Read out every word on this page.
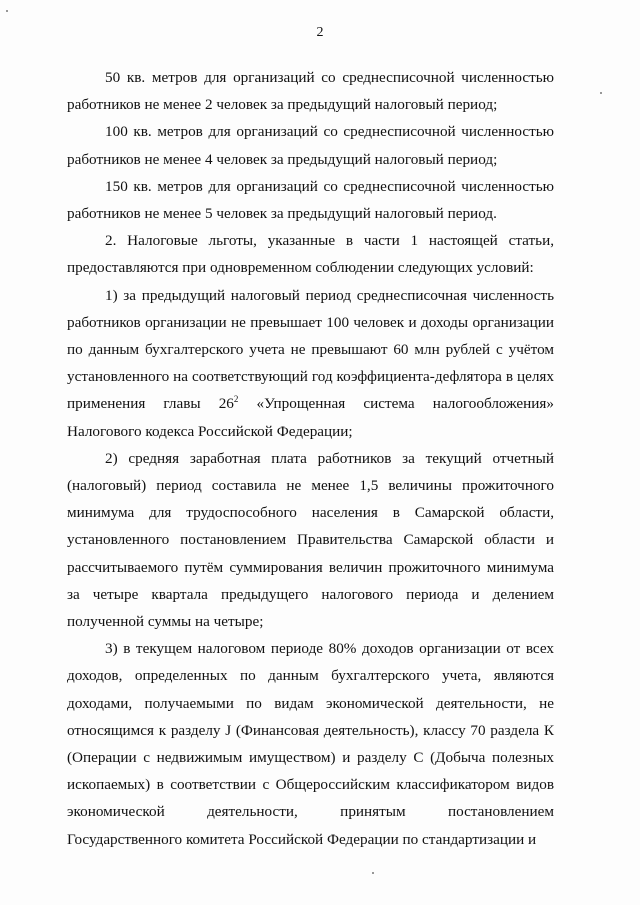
2

50 кв. метров для организаций со среднесписочной численностью работников не менее 2 человек за предыдущий налоговый период;

100 кв. метров для организаций со среднесписочной численностью работников не менее 4 человек за предыдущий налоговый период;

150 кв. метров для организаций со среднесписочной численностью работников не менее 5 человек за предыдущий налоговый период.

2. Налоговые льготы, указанные в части 1 настоящей статьи, предоставляются при одновременном соблюдении следующих условий:

1) за предыдущий налоговый период среднесписочная численность работников организации не превышает 100 человек и доходы организации по данным бухгалтерского учета не превышают 60 млн рублей с учётом установленного на соответствующий год коэффициента-дефлятора в целях применения главы $26^2$ «Упрощенная система налогообложения» Налогового кодекса Российской Федерации;

2) средняя заработная плата работников за текущий отчетный (налоговый) период составила не менее 1,5 величины прожиточного минимума для трудоспособного населения в Самарской области, установленного постановлением Правительства Самарской области и рассчитываемого путём суммирования величин прожиточного минимума за четыре квартала предыдущего налогового периода и делением полученной суммы на четыре;

3) в текущем налоговом периоде 80% доходов организации от всех доходов, определенных по данным бухгалтерского учета, являются доходами, получаемыми по видам экономической деятельности, не относящимся к разделу J (Финансовая деятельность), классу 70 раздела К (Операции с недвижимым имуществом) и разделу С (Добыча полезных ископаемых) в соответствии с Общероссийским классификатором видов экономической деятельности, принятым постановлением Государственного комитета Российской Федерации по стандартизации и
